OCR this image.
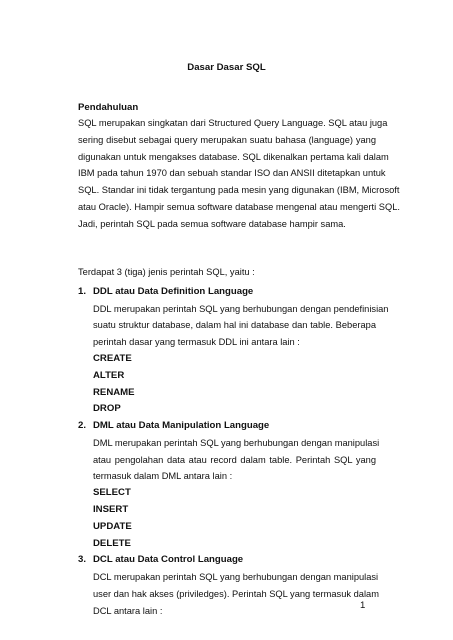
Dasar Dasar SQL
Pendahuluan
SQL merupakan singkatan dari Structured Query Language. SQL atau juga
sering disebut sebagai query merupakan suatu bahasa (language) yang
digunakan untuk mengakses database. SQL dikenalkan pertama kali dalam
IBM pada tahun 1970 dan sebuah standar ISO dan ANSII ditetapkan untuk
SQL. Standar ini tidak tergantung pada mesin yang digunakan (IBM, Microsoft
atau Oracle). Hampir semua software database mengenal atau mengerti SQL.
Jadi, perintah SQL pada semua software database hampir sama.
Terdapat 3 (tiga) jenis perintah SQL, yaitu :
1. DDL atau Data Definition Language
DDL merupakan perintah SQL yang berhubungan dengan pendefinisian
suatu struktur database, dalam hal ini database dan table. Beberapa
perintah dasar yang termasuk DDL ini antara lain :
CREATE
ALTER
RENAME
DROP
2. DML atau Data Manipulation Language
DML merupakan perintah SQL yang berhubungan dengan manipulasi
atau pengolahan data atau record dalam table. Perintah SQL yang
termasuk dalam DML antara lain :
SELECT
INSERT
UPDATE
DELETE
3. DCL atau Data Control Language
DCL merupakan perintah SQL yang berhubungan dengan manipulasi
user dan hak akses (priviledges). Perintah SQL yang termasuk dalam
DCL antara lain :	1
